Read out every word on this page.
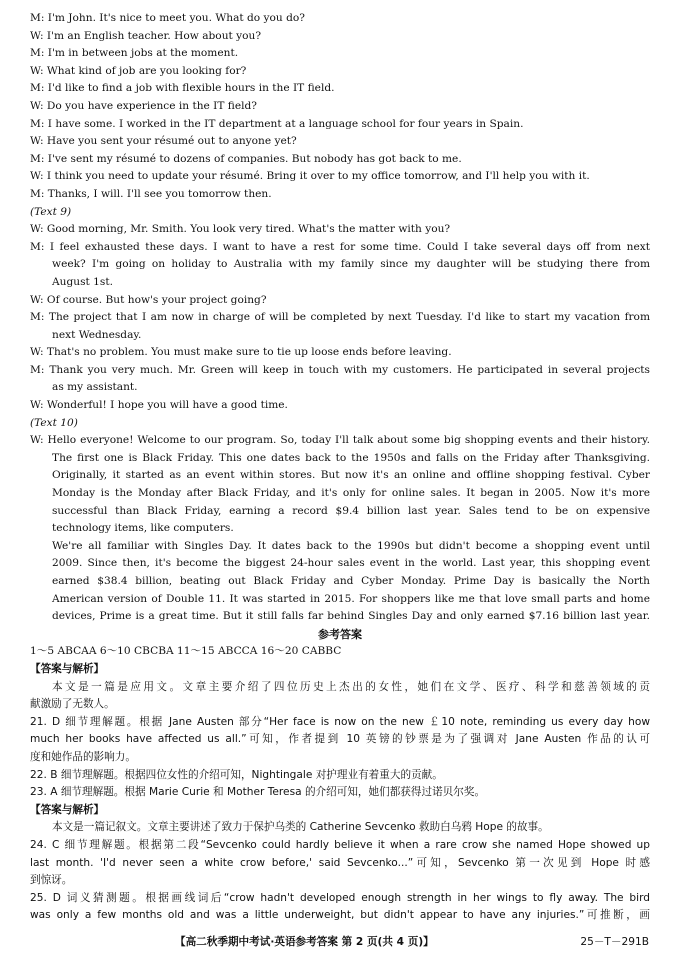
M: I'm John. It's nice to meet you. What do you do?
W: I'm an English teacher. How about you?
M: I'm in between jobs at the moment.
W: What kind of job are you looking for?
M: I'd like to find a job with flexible hours in the IT field.
W: Do you have experience in the IT field?
M: I have some. I worked in the IT department at a language school for four years in Spain.
W: Have you sent your résumé out to anyone yet?
M: I've sent my résumé to dozens of companies. But nobody has got back to me.
W: I think you need to update your résumé. Bring it over to my office tomorrow, and I'll help you with it.
M: Thanks, I will. I'll see you tomorrow then.
(Text 9)
W: Good morning, Mr. Smith. You look very tired. What's the matter with you?
M: I feel exhausted these days. I want to have a rest for some time. Could I take several days off from next
week? I'm going on holiday to Australia with my family since my daughter will be studying there from
August 1st.
W: Of course. But how's your project going?
M: The project that I am now in charge of will be completed by next Tuesday. I'd like to start my vacation from
next Wednesday.
W: That's no problem. You must make sure to tie up loose ends before leaving.
M: Thank you very much. Mr. Green will keep in touch with my customers. He participated in several projects
as my assistant.
W: Wonderful! I hope you will have a good time.
(Text 10)
W: Hello everyone! Welcome to our program. So, today I'll talk about some big shopping events and their history.
The first one is Black Friday. This one dates back to the 1950s and falls on the Friday after Thanksgiving.
Originally, it started as an event within stores. But now it's an online and offline shopping festival. Cyber
Monday is the Monday after Black Friday, and it's only for online sales. It began in 2005. Now it's more
successful than Black Friday, earning a record $9.4 billion last year. Sales tend to be on expensive
technology items, like computers.
We're all familiar with Singles Day. It dates back to the 1990s but didn't become a shopping event until
2009. Since then, it's become the biggest 24-hour sales event in the world. Last year, this shopping event
earned $38.4 billion, beating out Black Friday and Cyber Monday. Prime Day is basically the North
American version of Double 11. It was started in 2015. For shoppers like me that love small parts and home
devices, Prime is a great time. But it still falls far behind Singles Day and only earned $7.16 billion last year.
参考答案
1～5 ABCAA 6～10 CBCBA 11～15 ABCCA 16～20 CABBC
【答案与解析】
本文是一篇是应用文。文章主要介绍了四位历史上杰出的女性，她们在文学、医疗、科学和慈善领域的贡
献激励了无数人。
21. D 细节理解题。根据 Jane Austen 部分“Her face is now on the new ￡10 note, reminding us every day how
much her books have affected us all.”可知，作者提到 10 英镑的钞票是为了强调对 Jane Austen 作品的认可
度和她作品的影响力。
22. B 细节理解题。根据四位女性的介绍可知，Nightingale 对护理业有着重大的贡献。
23. A 细节理解题。根据 Marie Curie 和 Mother Teresa 的介绍可知，她们都获得过诺贝尔奖。
【答案与解析】
本文是一篇记叙文。文章主要讲述了致力于保护乌类的 Catherine Sevcenko 救助白乌鸦 Hope 的故事。
24. C 细节理解题。根据第二段“Sevcenko could hardly believe it when a rare crow she named Hope showed up
last month. 'I'd never seen a white crow before,' said Sevcenko...”可知，Sevcenko 第一次见到 Hope 时感
到惊讶。
25. D 词义猜测题。根据画线词后“crow hadn't developed enough strength in her wings to fly away. The bird
was only a few months old and was a little underweight, but didn't appear to have any injuries.”可推断，画
【高二秋季期中考试·英语参考答案 第 2 页(共 4 页)】	25－T－291B
